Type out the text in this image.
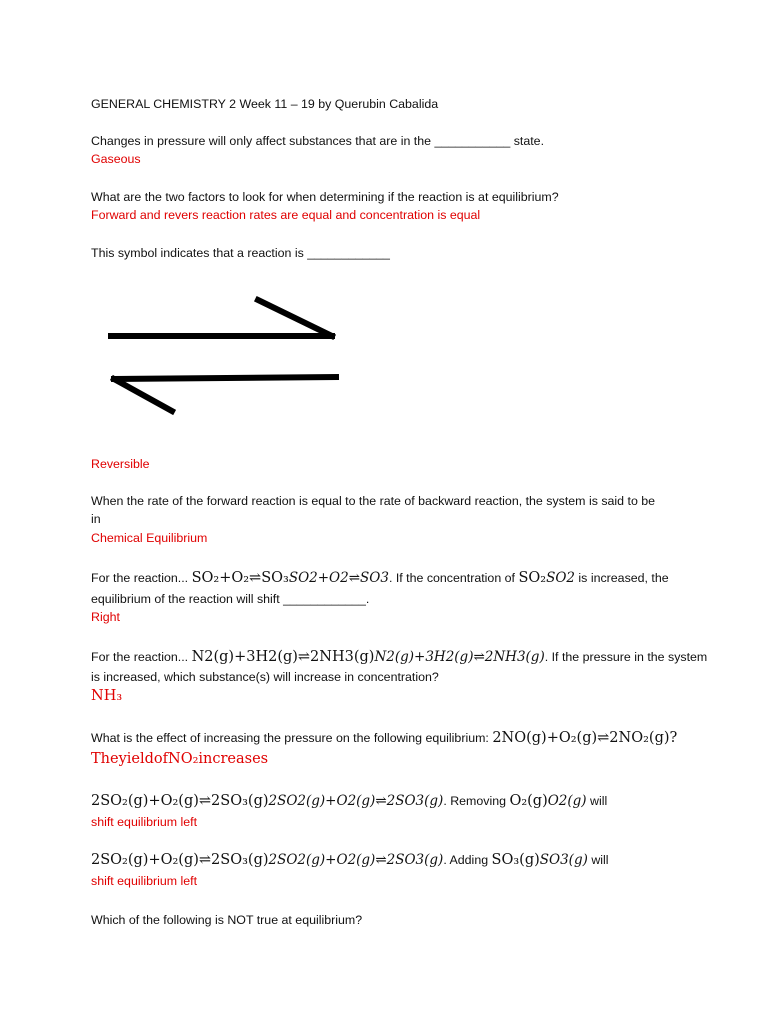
GENERAL CHEMISTRY 2 Week 11 – 19 by Querubin Cabalida
Changes in pressure will only affect substances that are in the ___________ state.
Gaseous
What are the two factors to look for when determining if the reaction is at equilibrium?
Forward and revers reaction rates are equal and concentration is equal
This symbol indicates that a reaction is ____________
Reversible
When the rate of the forward reaction is equal to the rate of backward reaction, the system is said to be
in
Chemical Equilibrium
For the reaction... SO₂+O₂⇌SO₃SO2+O2⇌SO3. If the concentration of SO₂SO2 is increased, the
equilibrium of the reaction will shift ____________.
Right
For the reaction... N2(g)+3H2(g)⇌2NH3(g)N2(g)+3H2(g)⇌2NH3(g). If the pressure in the system
is increased, which substance(s) will increase in concentration?
NH₃
What is the effect of increasing the pressure on the following equilibrium: 2NO(g)+O₂(g)⇌2NO₂(g)?
TheyieldofNO₂increases
2SO₂(g)+O₂(g)⇌2SO₃(g)2SO2(g)+O2(g)⇌2SO3(g). Removing O₂(g)O2(g) will
shift equilibrium left
2SO₂(g)+O₂(g)⇌2SO₃(g)2SO2(g)+O2(g)⇌2SO3(g). Adding SO₃(g)SO3(g) will
shift equilibrium left
Which of the following is NOT true at equilibrium?
